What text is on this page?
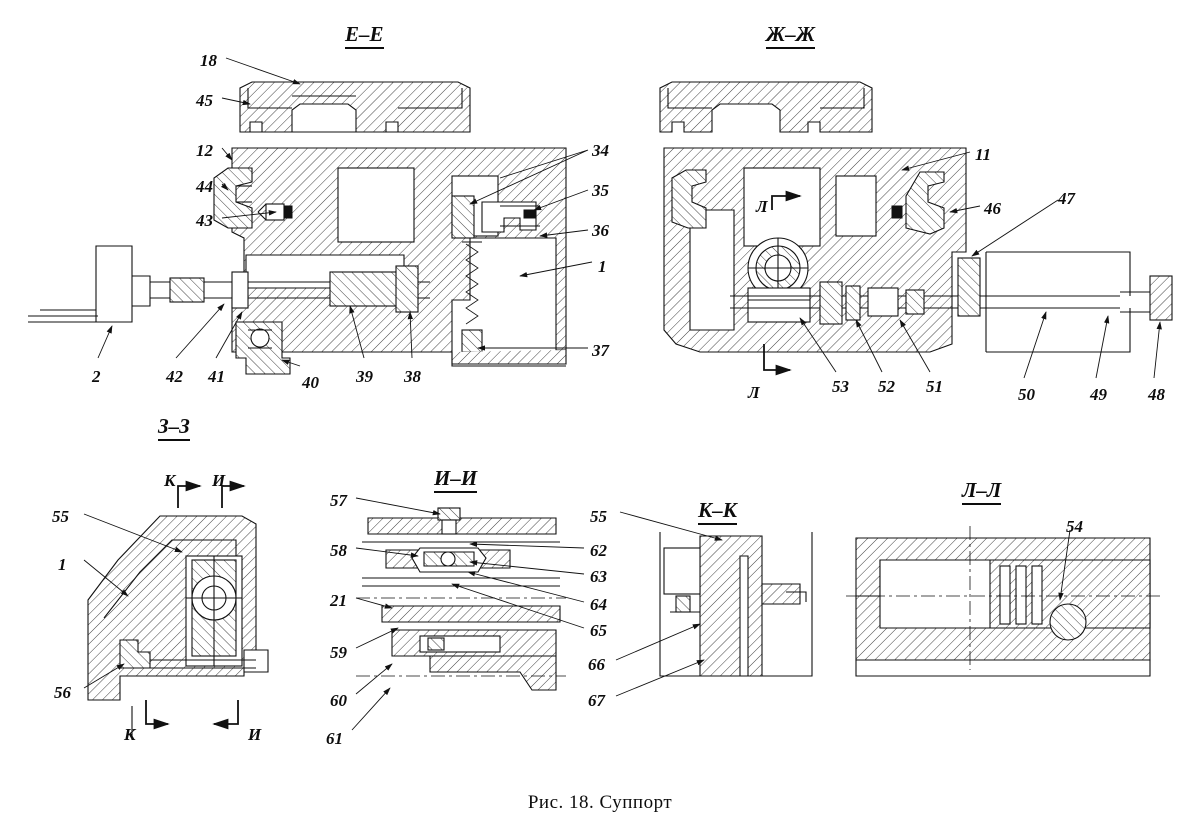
Е–Е	Ж–Ж
З–З
И–И
К–К
Л–Л
Л
Л
К И
К	И
18
45
12
44
43
2	42 41	40 39 38
34
35
36
1
37
11
46
47
53 52 51	50	49 48
55
1
56
57
58
21
59
60
61
62
63
64
65
55
66
67
54
Рис. 18. Суппорт
